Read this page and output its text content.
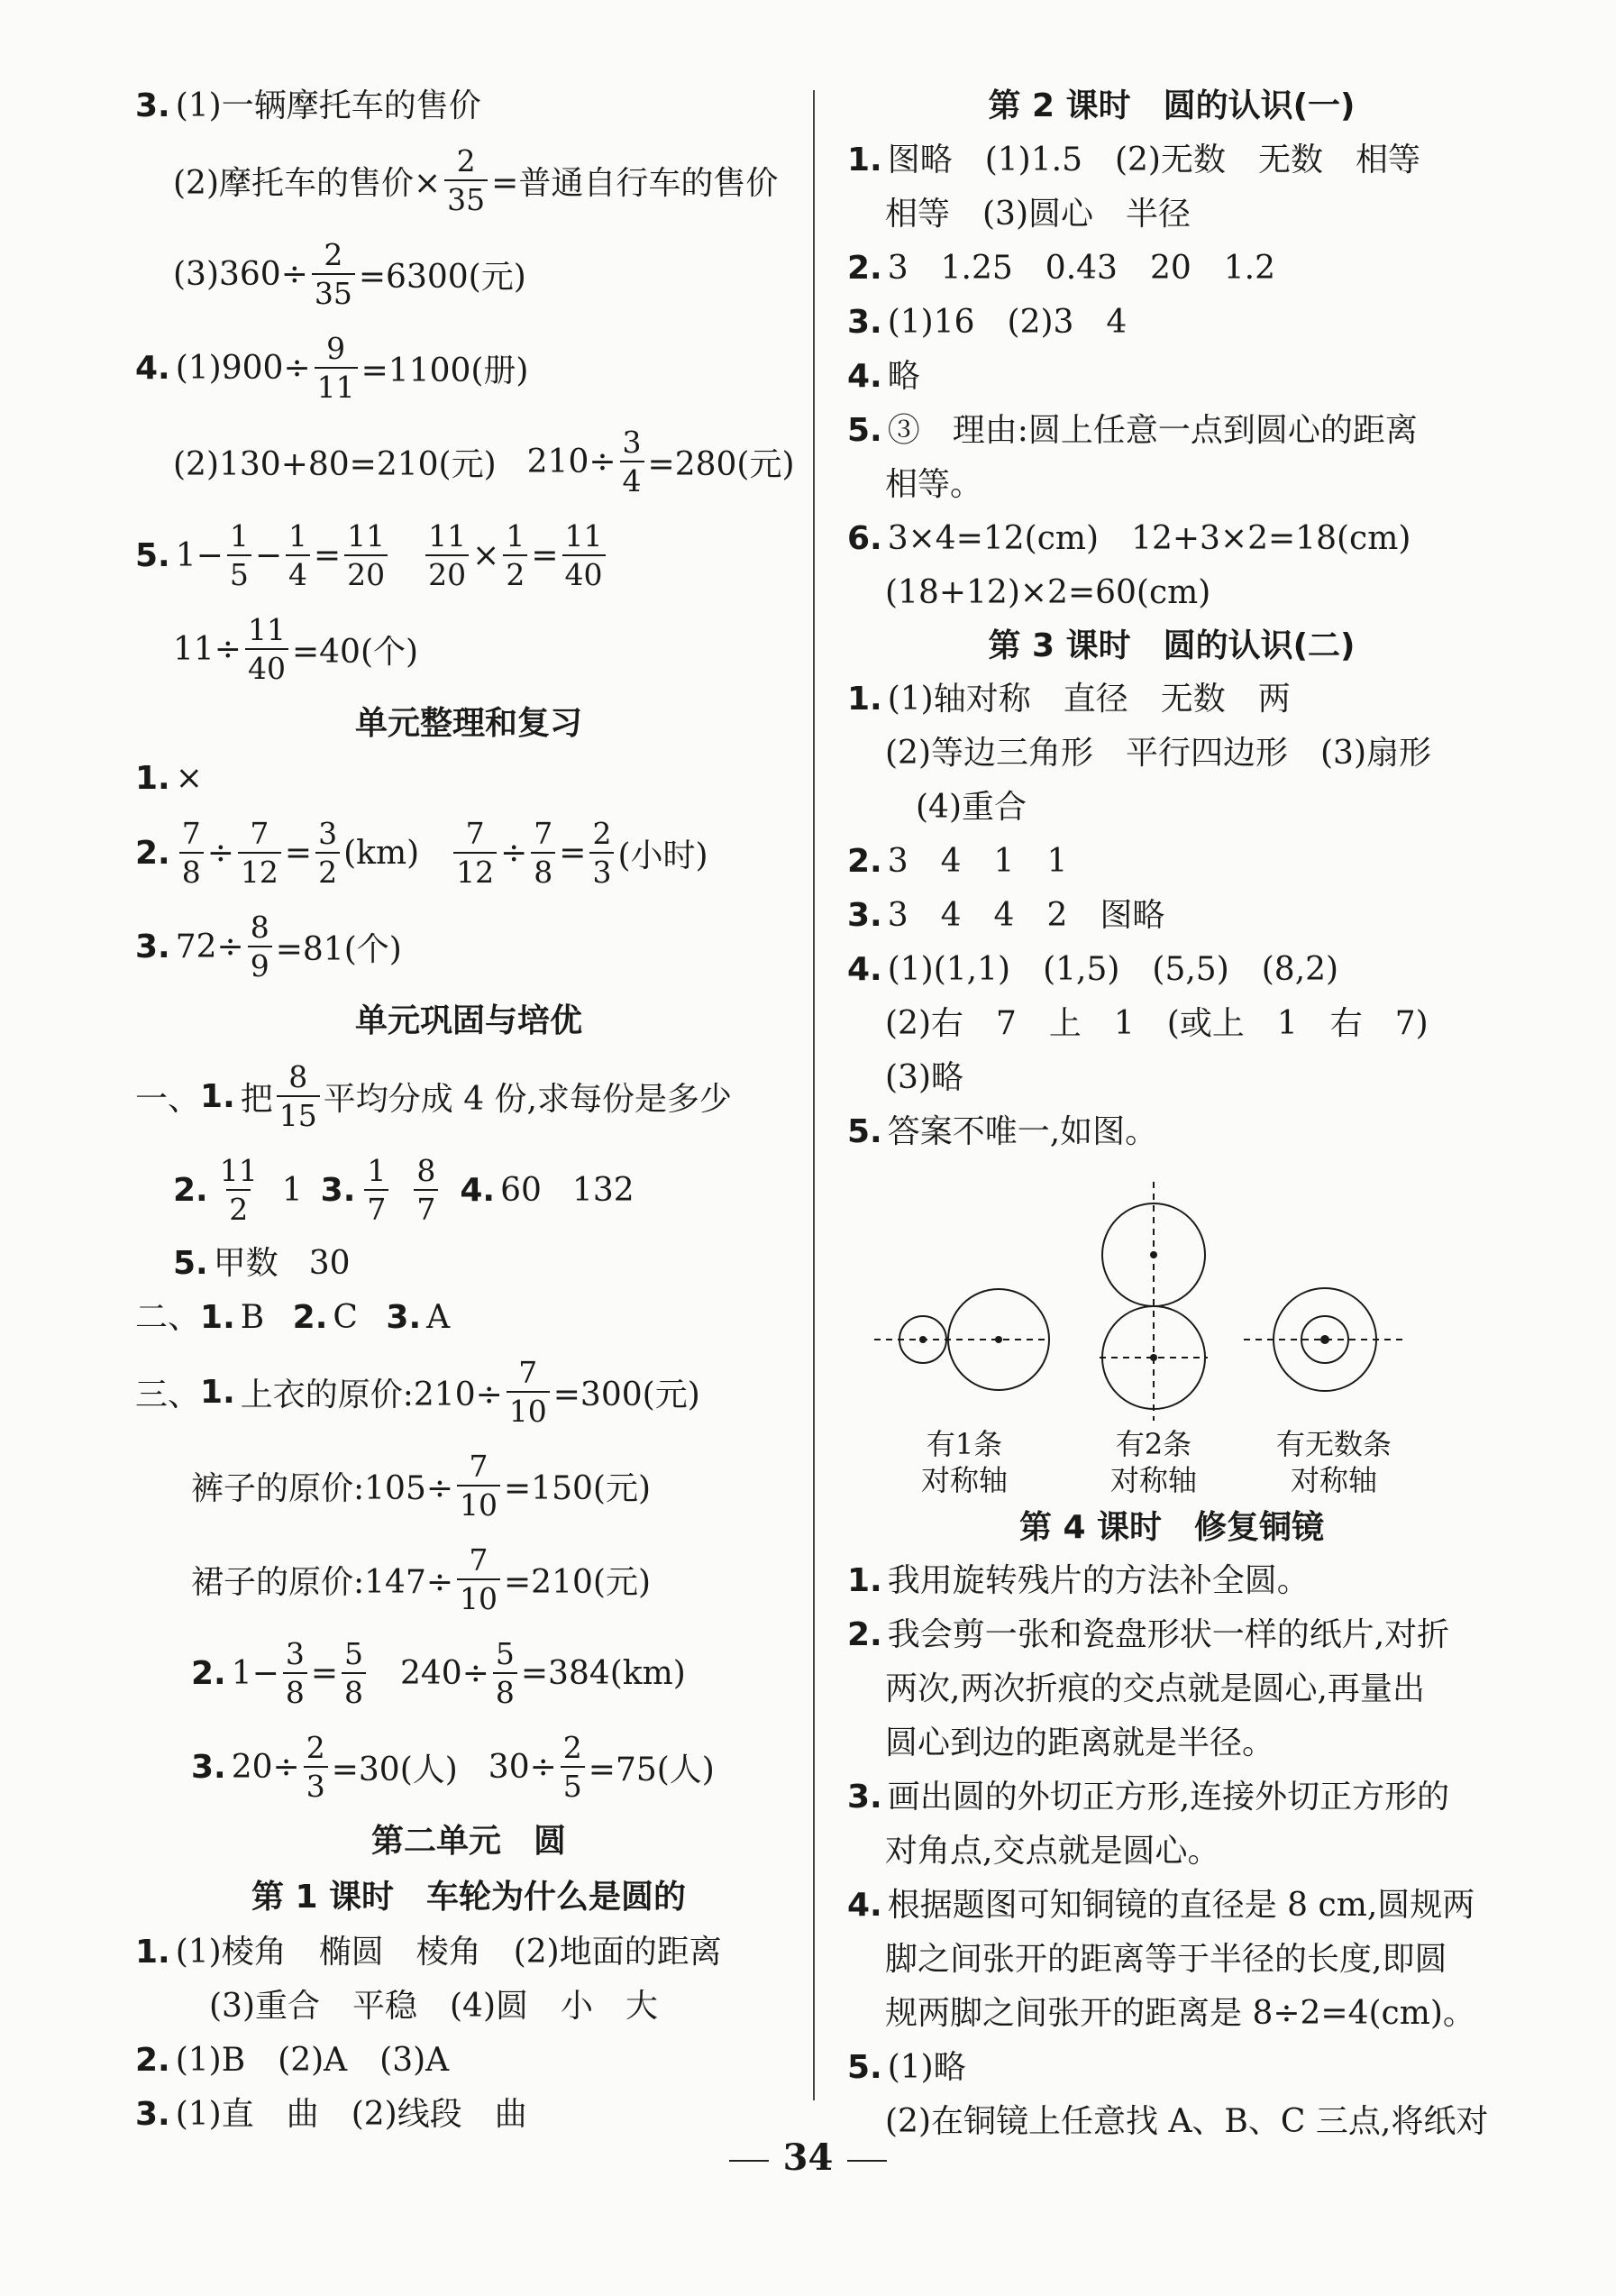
3. (1)一辆摩托车的售价
(2)摩托车的售价× $\frac{2}{35}$ =普通自行车的售价
$(3)360\div \frac{2}{35} =6300$(元)
4. $(1)900\div \frac{9}{11} =1100$(册)
(2)130+80=210(元) $210\div \frac{3}{4} =280$(元)
5. $1- \frac{1}{5} - \frac{1}{4} = \frac{11}{20} \frac{11}{20} \times \frac{1}{2} = \frac{11}{40}$
$11\div \frac{11}{40} =40$(个)
单元整理和复习
1. ×
2. $\frac{7}{8} \div \frac{7}{12} = \frac{3}{2} (km) \frac{7}{12} \div \frac{7}{8} = \frac{2}{3}$ (小时)
3. $72\div \frac{8}{9} =81$(个)
单元巩固与培优
一、 1. 把 $\frac{8}{15}$ 平均分成 4 份,求每份是多少
2. $\frac{11}{2} 1$ 3. $\frac{1}{7} \frac{8}{7} 4$. 60 132
5. 甲数 30
二、1. B 2. C 3. A
三、 1. 上衣的原价:210÷ $\frac{7}{10} =300$(元)
裤子的原价:105÷ $\frac{7}{10} =150$(元)
裙子的原价:147÷ $\frac{7}{10} =210$(元)
2. $1- \frac{3}{8} = \frac{5}{8} 240\div \frac{5}{8} =384(km)$
3. $20\div \frac{2}{3} =30$(人) $30\div \frac{2}{5} =75$(人)
第二单元　圆
第 1 课时　车轮为什么是圆的
1. (1)棱角　椭圆　棱角　(2)地面的距离
(3)重合　平稳　(4)圆　小　大
2. (1)B　(2)A　(3)A
3. (1)直　曲　(2)线段　曲
第 2 课时　圆的认识(一)
1. 图略　(1)1.5　(2)无数　无数　相等
相等　(3)圆心　半径
2. 3　1.25　0.43　20　1.2
3. (1)16　(2)3　4
4. 略
5. ③　理由:圆上任意一点到圆心的距离
相等。
6. 3×4=12(cm)　12+3×2=18(cm)
(18+12)×2=60(cm)
第 3 课时　圆的认识(二)
1. (1)轴对称　直径　无数　两
(2)等边三角形　平行四边形　(3)扇形
(4)重合
2. 3　4　1　1
3. 3　4　4　2　图略
4. (1)(1,1)　(1,5)　(5,5)　(8,2)
(2)右　7　上　1　(或上　1　右　7)
(3)略
5. 答案不唯一,如图。
有1条
对称轴
有2条
对称轴
有无数条
对称轴
第 4 课时　修复铜镜
1. 我用旋转残片的方法补全圆。
2. 我会剪一张和瓷盘形状一样的纸片,对折
两次,两次折痕的交点就是圆心,再量出
圆心到边的距离就是半径。
3. 画出圆的外切正方形,连接外切正方形的
对角点,交点就是圆心。
4. 根据题图可知铜镜的直径是 8 cm,圆规两
脚之间张开的距离等于半径的长度,即圆
规两脚之间张开的距离是 8÷2=4(cm)。
5. (1)略
(2)在铜镜上任意找 A、B、C 三点,将纸对
34
